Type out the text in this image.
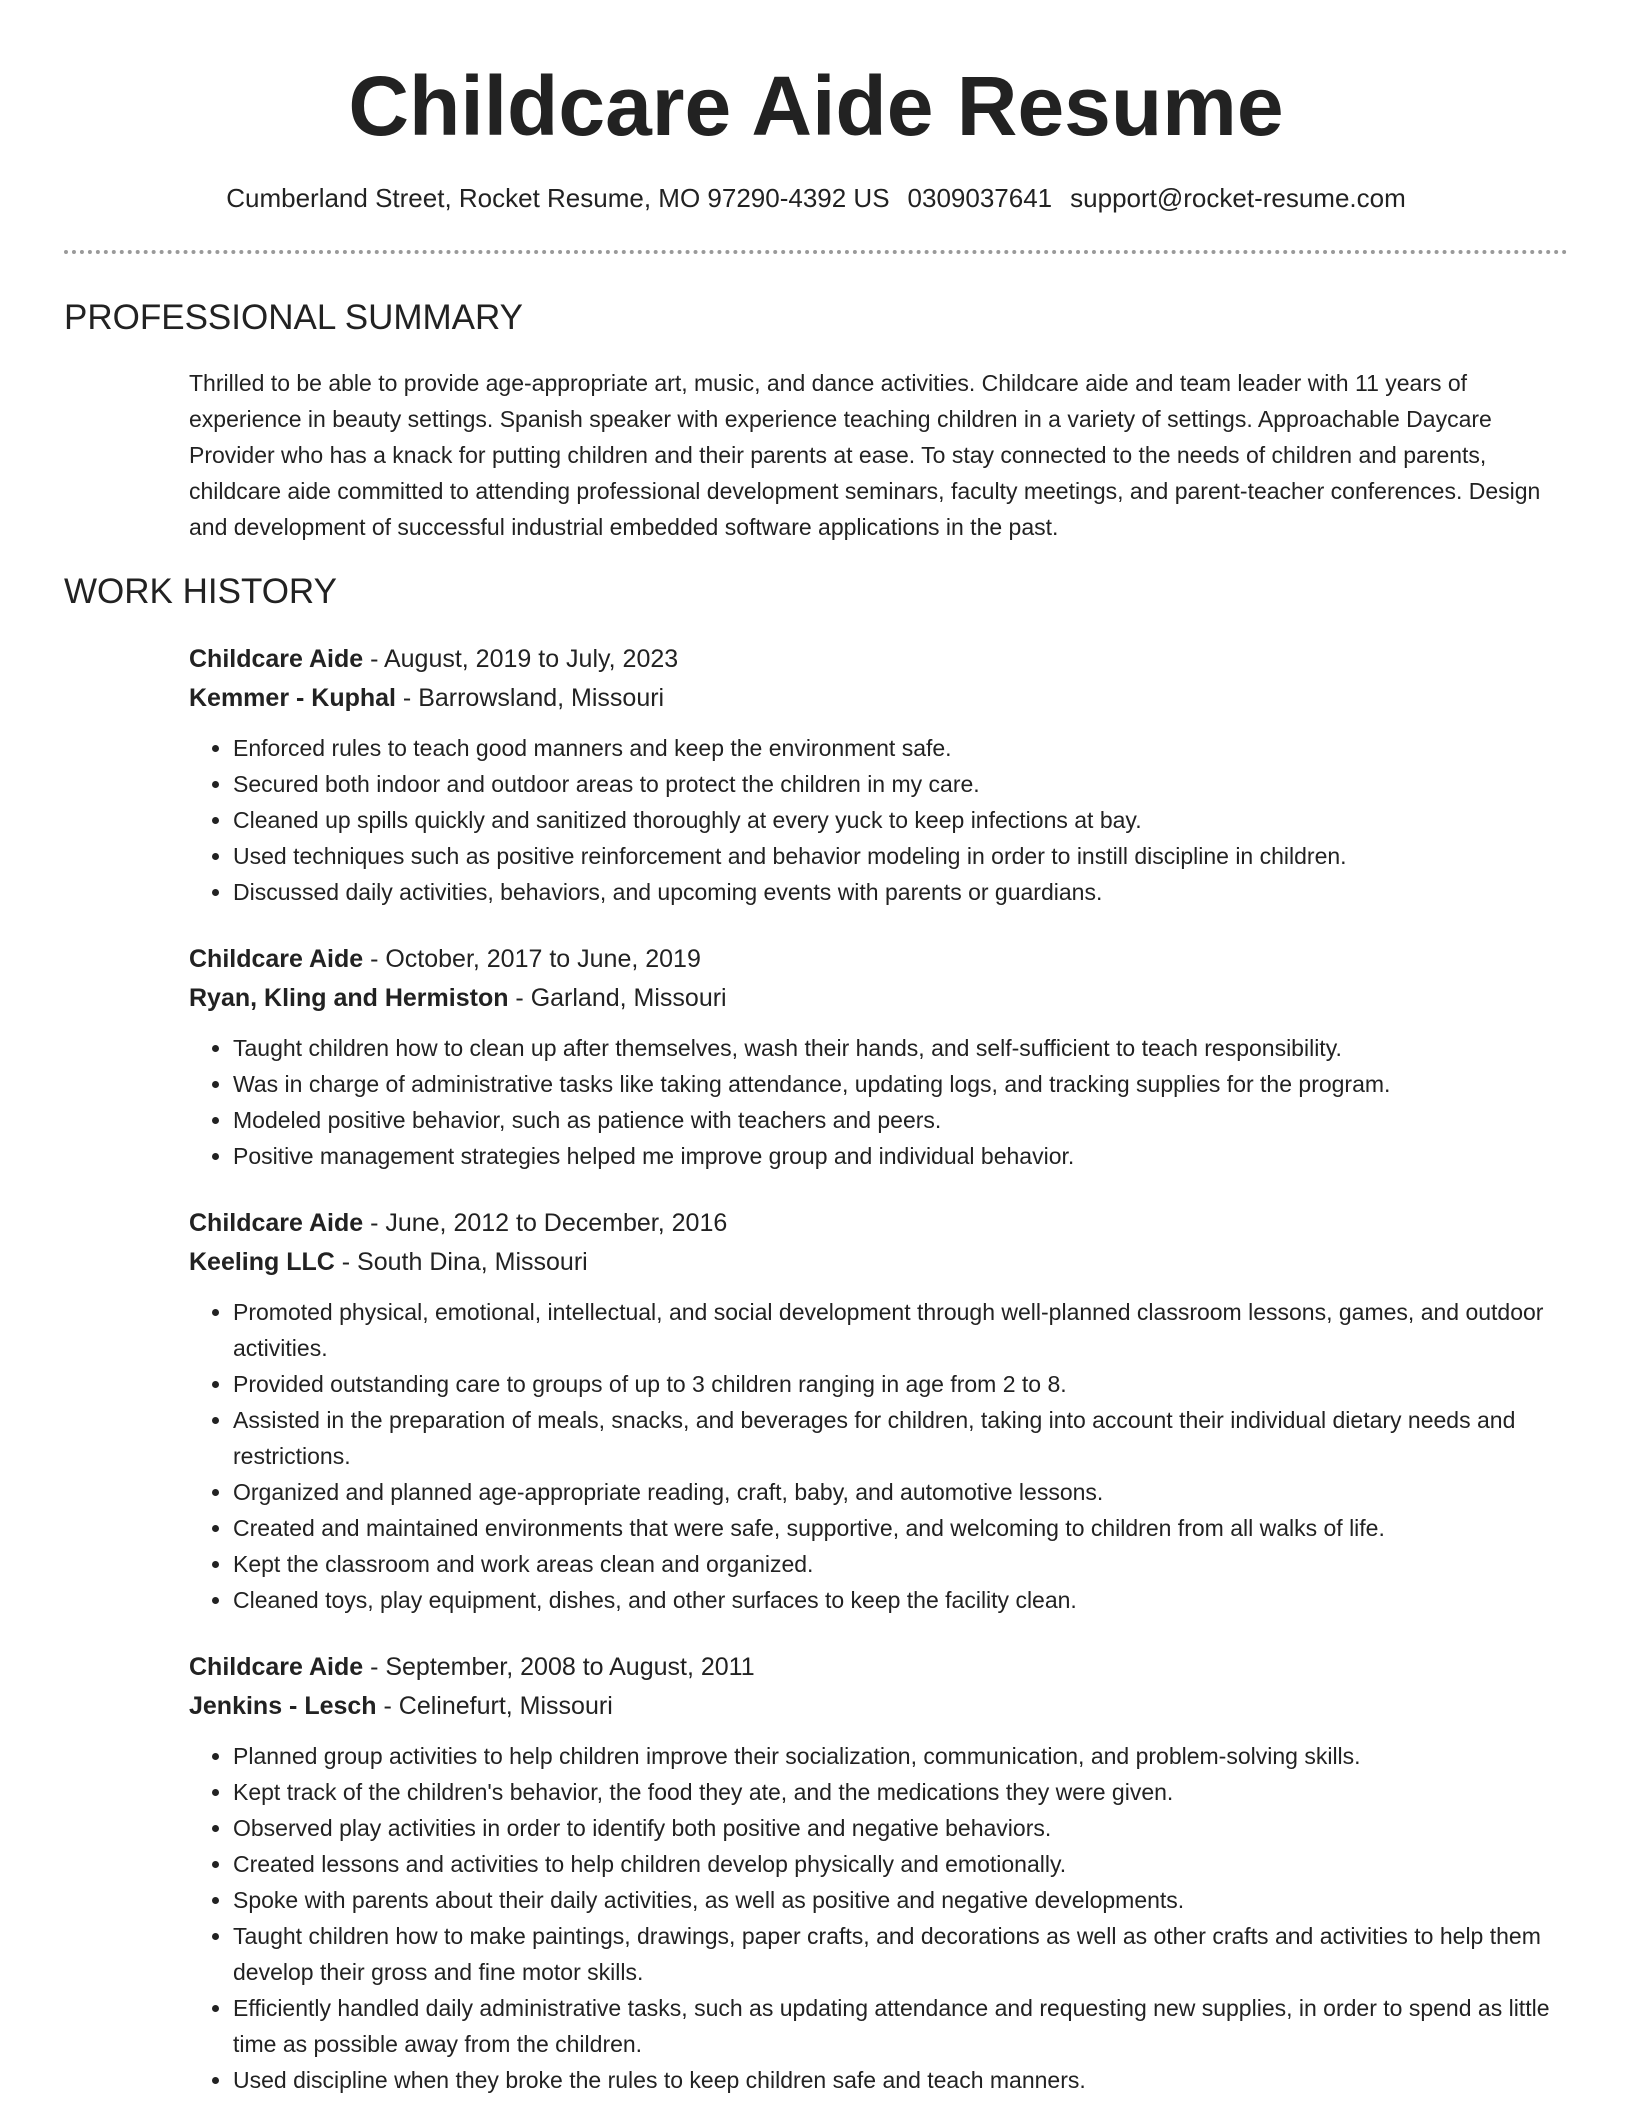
Childcare Aide Resume
Cumberland Street, Rocket Resume, MO 97290-4392 US 0309037641 support@rocket-resume.com
PROFESSIONAL SUMMARY

Thrilled to be able to provide age-appropriate art, music, and dance activities. Childcare aide and team leader with 11 years of experience in beauty settings. Spanish speaker with experience teaching children in a variety of settings. Approachable Daycare Provider who has a knack for putting children and their parents at ease. To stay connected to the needs of children and parents, childcare aide committed to attending professional development seminars, faculty meetings, and parent-teacher conferences. Design and development of successful industrial embedded software applications in the past.

WORK HISTORY

Childcare Aide - August, 2019 to July, 2023

Kemmer - Kuphal - Barrowsland, Missouri

• Enforced rules to teach good manners and keep the environment safe.
• Secured both indoor and outdoor areas to protect the children in my care.
• Cleaned up spills quickly and sanitized thoroughly at every yuck to keep infections at bay.
• Used techniques such as positive reinforcement and behavior modeling in order to instill discipline in children.
• Discussed daily activities, behaviors, and upcoming events with parents or guardians.

Childcare Aide - October, 2017 to June, 2019

Ryan, Kling and Hermiston - Garland, Missouri

• Taught children how to clean up after themselves, wash their hands, and self-sufficient to teach responsibility.
• Was in charge of administrative tasks like taking attendance, updating logs, and tracking supplies for the program.
• Modeled positive behavior, such as patience with teachers and peers.
• Positive management strategies helped me improve group and individual behavior.

Childcare Aide - June, 2012 to December, 2016

Keeling LLC - South Dina, Missouri

• Promoted physical, emotional, intellectual, and social development through well-planned classroom lessons, games, and outdoor activities.
• Provided outstanding care to groups of up to 3 children ranging in age from 2 to 8.
• Assisted in the preparation of meals, snacks, and beverages for children, taking into account their individual dietary needs and restrictions.
• Organized and planned age-appropriate reading, craft, baby, and automotive lessons.
• Created and maintained environments that were safe, supportive, and welcoming to children from all walks of life.
• Kept the classroom and work areas clean and organized.
• Cleaned toys, play equipment, dishes, and other surfaces to keep the facility clean.

Childcare Aide - September, 2008 to August, 2011

Jenkins - Lesch - Celinefurt, Missouri

• Planned group activities to help children improve their socialization, communication, and problem-solving skills.
• Kept track of the children's behavior, the food they ate, and the medications they were given.
• Observed play activities in order to identify both positive and negative behaviors.
• Created lessons and activities to help children develop physically and emotionally.
• Spoke with parents about their daily activities, as well as positive and negative developments.
• Taught children how to make paintings, drawings, paper crafts, and decorations as well as other crafts and activities to help them develop their gross and fine motor skills.
• Efficiently handled daily administrative tasks, such as updating attendance and requesting new supplies, in order to spend as little time as possible away from the children.
• Used discipline when they broke the rules to keep children safe and teach manners.
